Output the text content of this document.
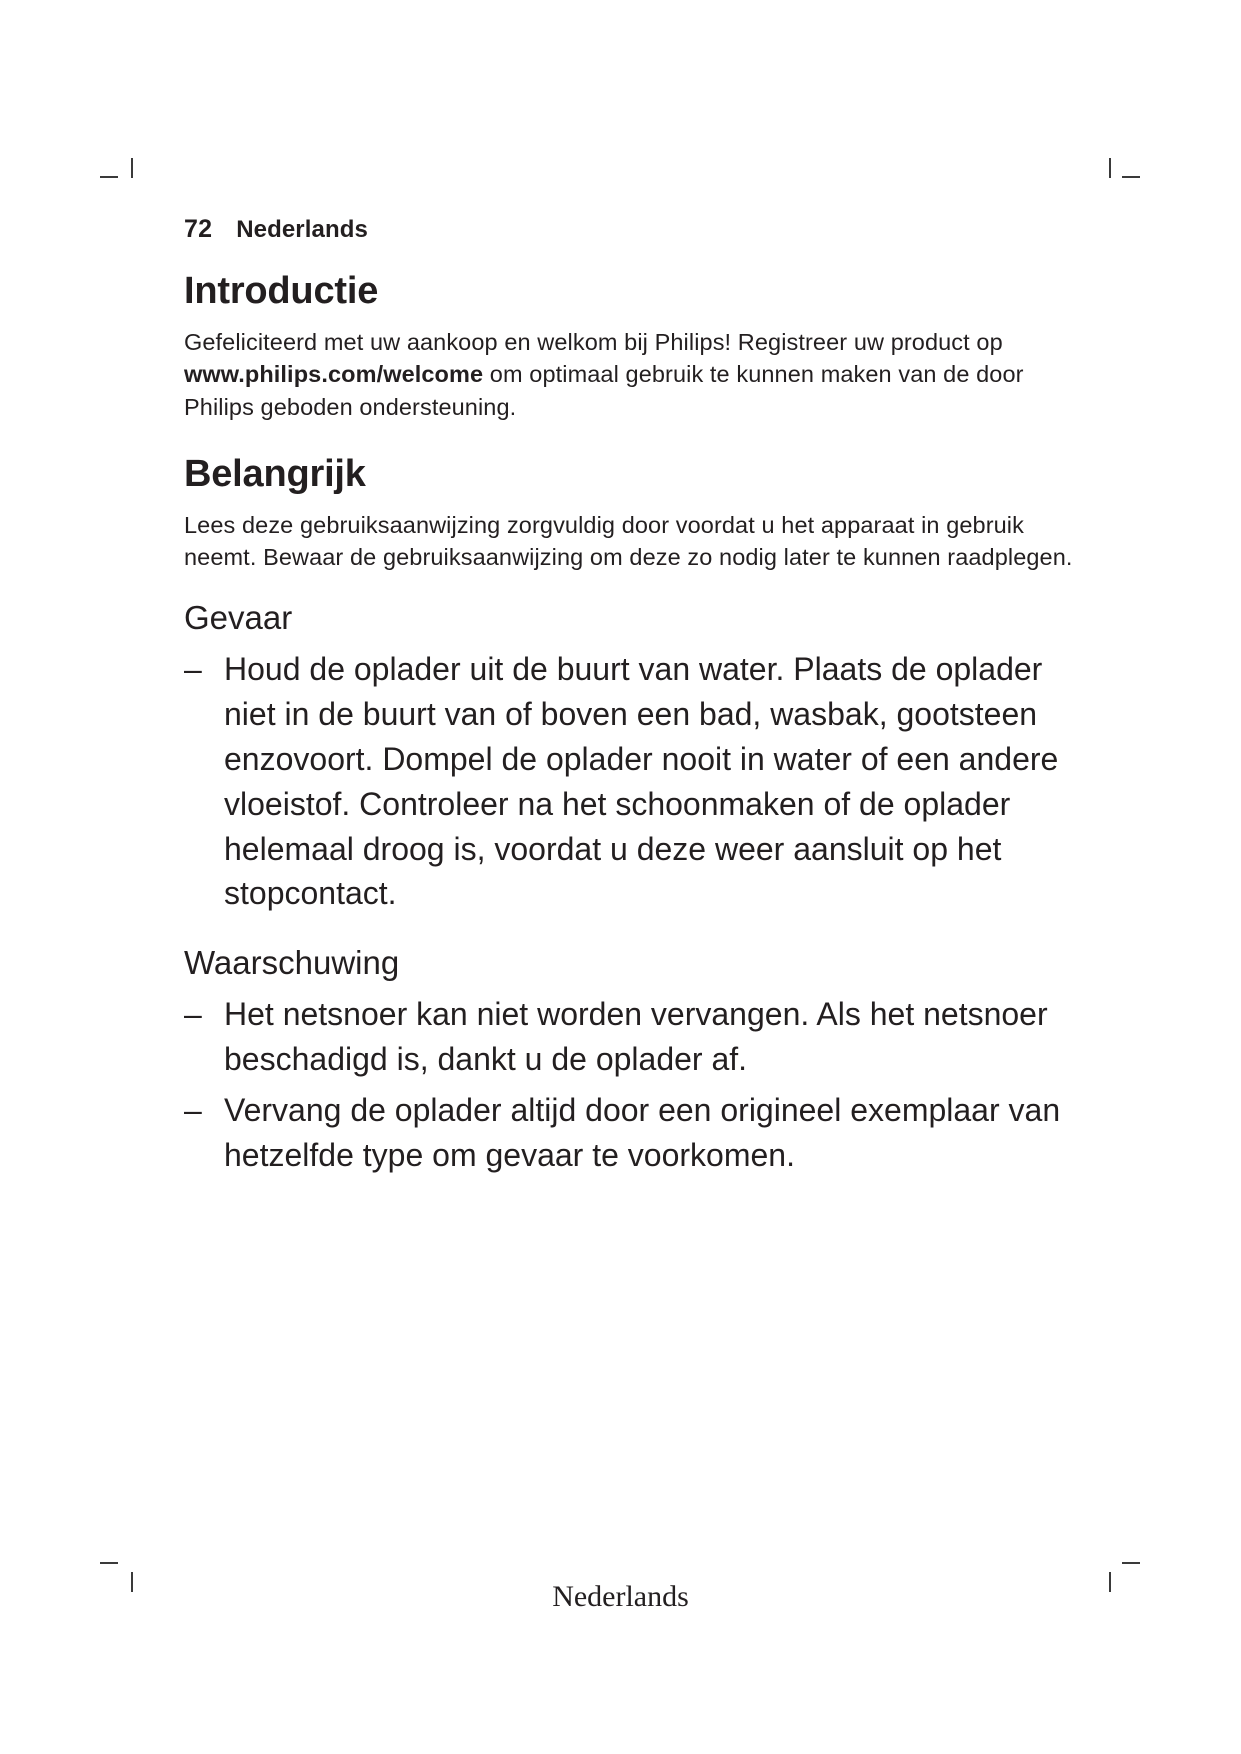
72 Nederlands
Introductie

Gefeliciteerd met uw aankoop en welkom bij Philips! Registreer uw product op www.philips.com/welcome om optimaal gebruik te kunnen maken van de door Philips geboden ondersteuning.

Belangrijk

Lees deze gebruiksaanwijzing zorgvuldig door voordat u het apparaat in gebruik neemt. Bewaar de gebruiksaanwijzing om deze zo nodig later te kunnen raadplegen.

Gevaar
– Houd de oplader uit de buurt van water. Plaats de oplader niet in de buurt van of boven een bad, wasbak, gootsteen enzovoort. Dompel de oplader nooit in water of een andere vloeistof. Controleer na het schoonmaken of de oplader helemaal droog is, voordat u deze weer aansluit op het stopcontact.
Waarschuwing
– Het netsnoer kan niet worden vervangen. Als het netsnoer beschadigd is, dankt u de oplader af.
– Vervang de oplader altijd door een origineel exemplaar van hetzelfde type om gevaar te voorkomen.
Nederlands
